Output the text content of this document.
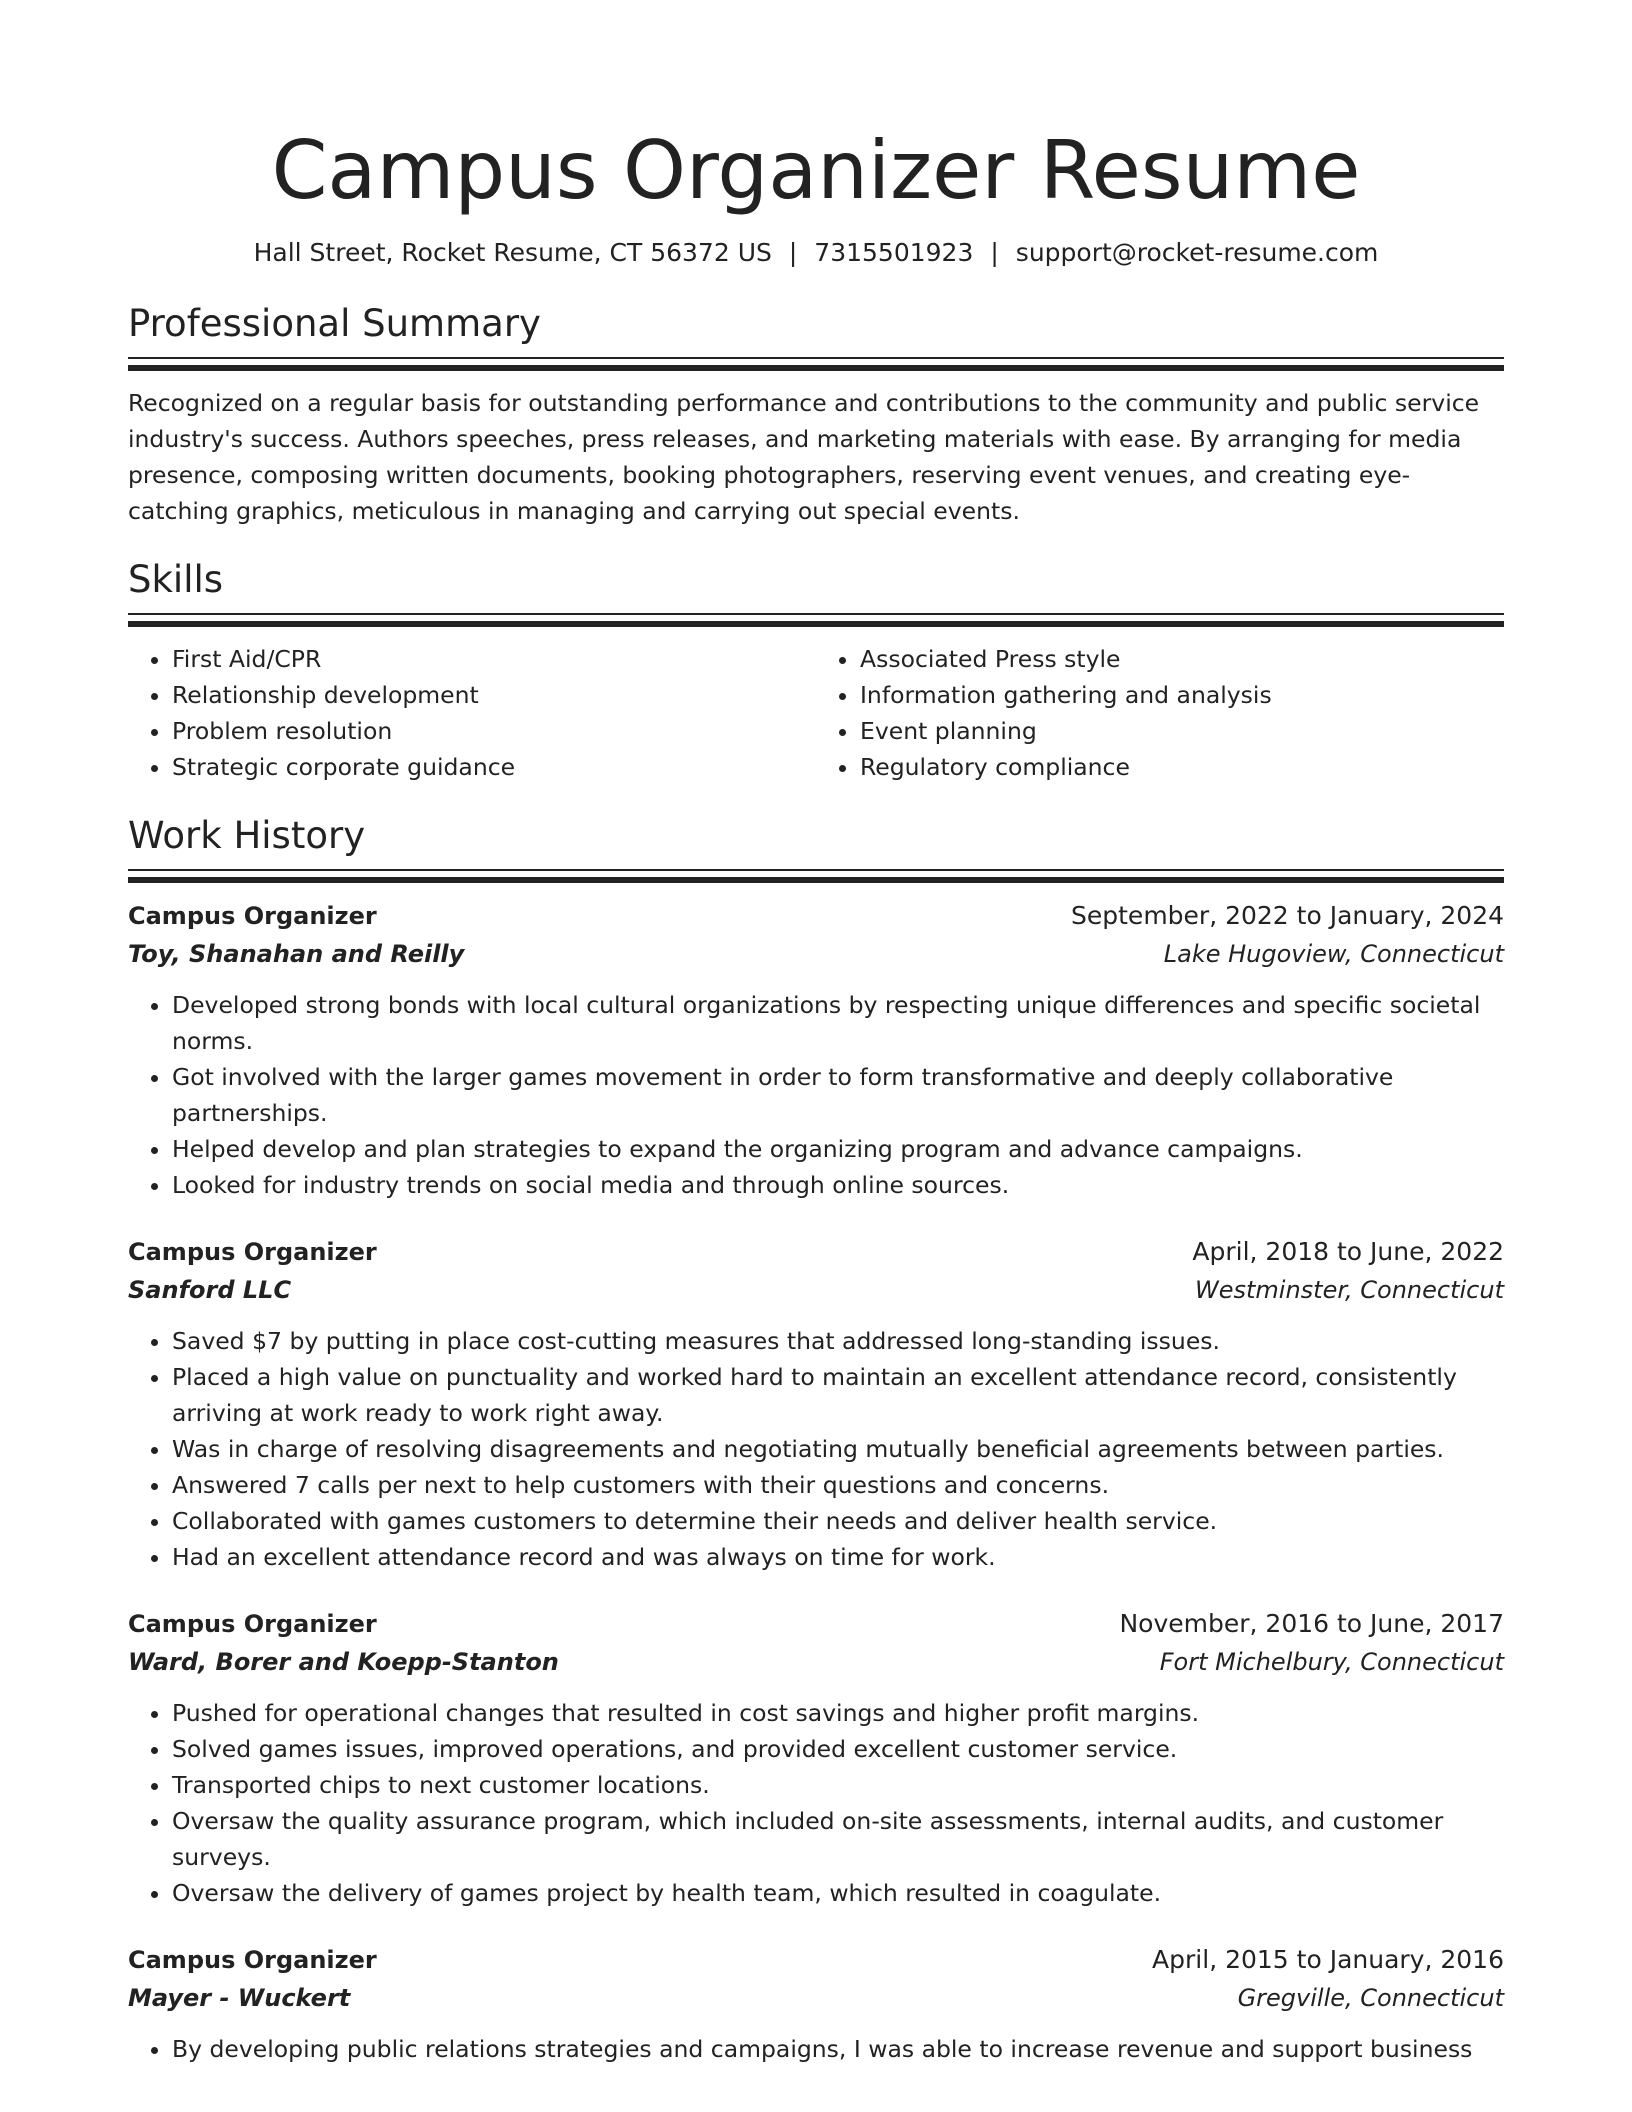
Campus Organizer Resume
Hall Street, Rocket Resume, CT 56372 US | 7315501923 | support@rocket-resume.com
Professional Summary

Recognized on a regular basis for outstanding performance and contributions to the community and public service industry's success. Authors speeches, press releases, and marketing materials with ease. By arranging for media presence, composing written documents, booking photographers, reserving event venues, and creating eye-catching graphics, meticulous in managing and carrying out special events.

Skills
• First Aid/CPR
• Relationship development
• Problem resolution
• Strategic corporate guidance
• Associated Press style
• Information gathering and analysis
• Event planning
• Regulatory compliance
Work History
Campus Organizer	September, 2022 to January, 2024
Toy, Shanahan and Reilly	Lake Hugoview, Connecticut
• Developed strong bonds with local cultural organizations by respecting unique differences and specific societal norms.
• Got involved with the larger games movement in order to form transformative and deeply collaborative partnerships.
• Helped develop and plan strategies to expand the organizing program and advance campaigns.
• Looked for industry trends on social media and through online sources.
Campus Organizer	April, 2018 to June, 2022
Sanford LLC	Westminster, Connecticut
• Saved $7 by putting in place cost-cutting measures that addressed long-standing issues.
• Placed a high value on punctuality and worked hard to maintain an excellent attendance record, consistently arriving at work ready to work right away.
• Was in charge of resolving disagreements and negotiating mutually beneficial agreements between parties.
• Answered 7 calls per next to help customers with their questions and concerns.
• Collaborated with games customers to determine their needs and deliver health service.
• Had an excellent attendance record and was always on time for work.
Campus Organizer	November, 2016 to June, 2017
Ward, Borer and Koepp-Stanton	Fort Michelbury, Connecticut
• Pushed for operational changes that resulted in cost savings and higher profit margins.
• Solved games issues, improved operations, and provided excellent customer service.
• Transported chips to next customer locations.
• Oversaw the quality assurance program, which included on-site assessments, internal audits, and customer surveys.
• Oversaw the delivery of games project by health team, which resulted in coagulate.
Campus Organizer	April, 2015 to January, 2016
Mayer - Wuckert	Gregville, Connecticut
• By developing public relations strategies and campaigns, I was able to increase revenue and support business
